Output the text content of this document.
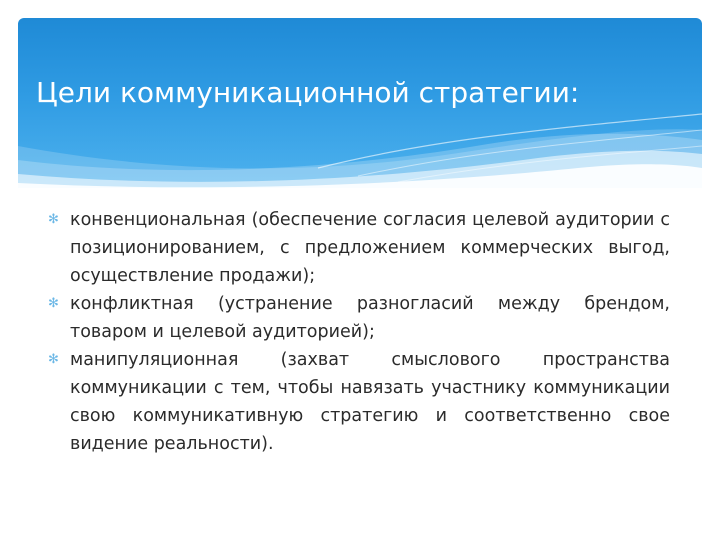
Цели коммуникационной стратегии:
✻ конвенциональная (обеспечение согласия целевой аудитории с позиционированием, с предложением коммерческих выгод, осуществление продажи);
✻ конфликтная (устранение разногласий между брендом, товаром и целевой аудиторией);
✻ манипуляционная (захват смыслового пространства коммуникации с тем, чтобы навязать участнику коммуникации свою коммуникативную стратегию и соответственно свое видение реальности).
